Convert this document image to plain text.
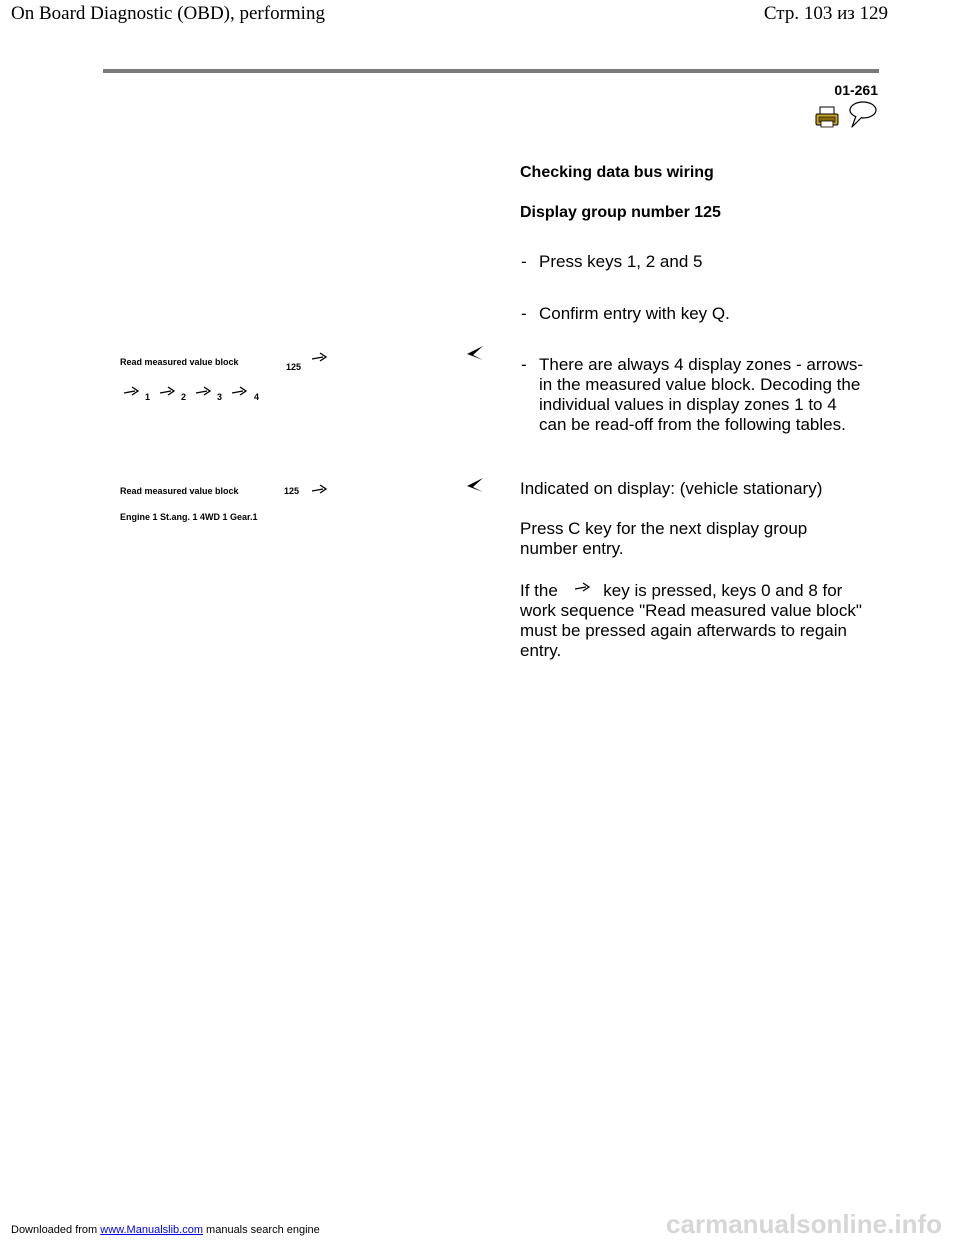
On Board Diagnostic (OBD), performing	Стр. 103 из 129
01-261
Checking data bus wiring
Display group number 125
- Press keys 1, 2 and 5
- Confirm entry with key Q.
- There are always 4 display zones - arrows- in the measured value block. Decoding the individual values in display zones 1 to 4 can be read-off from the following tables.
Read measured value block	125
1	2	3	4
Read measured value block	125
Engine 1 St.ang. 1 4WD 1 Gear.1
Indicated on display: (vehicle stationary)
Press C key for the next display group number entry.
If the	key is pressed, keys 0 and 8 for work sequence "Read measured value block" must be pressed again afterwards to regain entry.
Downloaded from www.Manualslib.com manuals search engine	carmanualsonline.info
